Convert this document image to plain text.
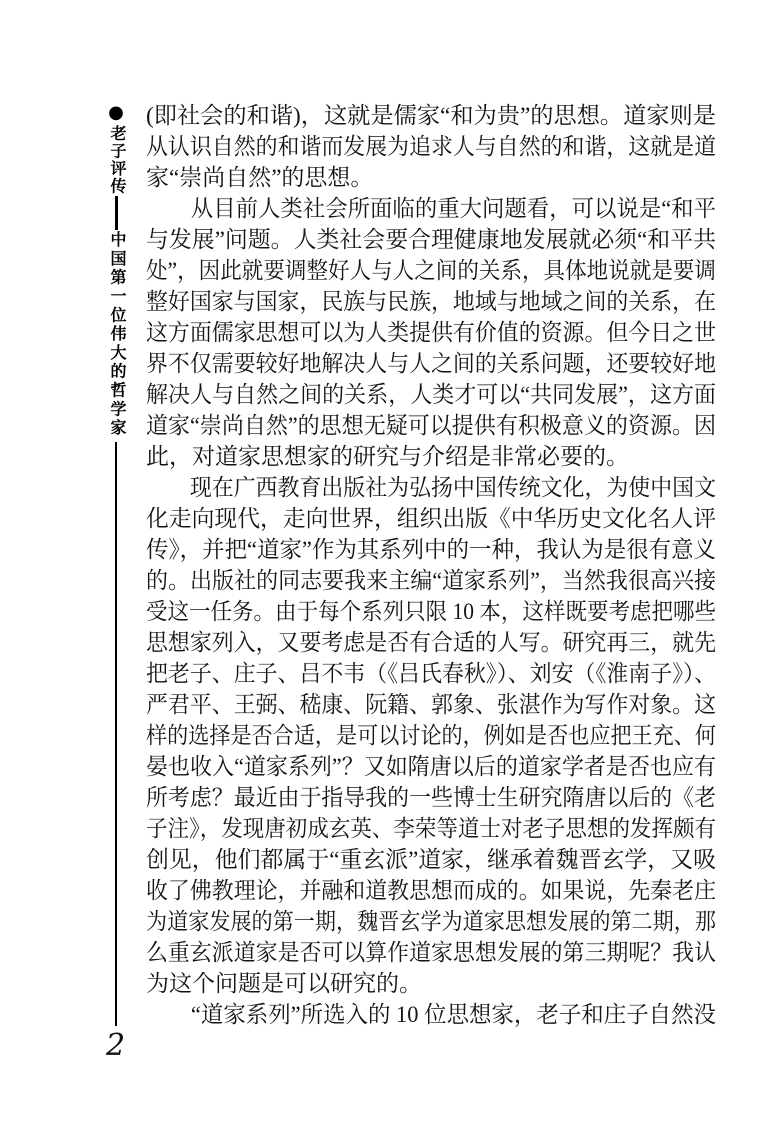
●
老子评传
中国第一位伟大的哲学家
(即社会的和谐)，这就是儒家“和为贵”的思想。道家则是
从认识自然的和谐而发展为追求人与自然的和谐，这就是道
家“崇尚自然”的思想。
　　从目前人类社会所面临的重大问题看，可以说是“和平
与发展”问题。人类社会要合理健康地发展就必须“和平共
处”，因此就要调整好人与人之间的关系，具体地说就是要调
整好国家与国家，民族与民族，地域与地域之间的关系，在
这方面儒家思想可以为人类提供有价值的资源。但今日之世
界不仅需要较好地解决人与人之间的关系问题，还要较好地
解决人与自然之间的关系，人类才可以“共同发展”，这方面
道家“崇尚自然”的思想无疑可以提供有积极意义的资源。因
此，对道家思想家的研究与介绍是非常必要的。
　　现在广西教育出版社为弘扬中国传统文化，为使中国文
化走向现代，走向世界，组织出版《中华历史文化名人评
传》，并把“道家”作为其系列中的一种，我认为是很有意义
的。出版社的同志要我来主编“道家系列”，当然我很高兴接
受这一任务。由于每个系列只限 10 本，这样既要考虑把哪些
思想家列入，又要考虑是否有合适的人写。研究再三，就先
把老子、庄子、吕不韦（《吕氏春秋》）、刘安（《淮南子》）、
严君平、王弼、嵇康、阮籍、郭象、张湛作为写作对象。这
样的选择是否合适，是可以讨论的，例如是否也应把王充、何
晏也收入“道家系列”？又如隋唐以后的道家学者是否也应有
所考虑？最近由于指导我的一些博士生研究隋唐以后的《老
子注》，发现唐初成玄英、李荣等道士对老子思想的发挥颇有
创见，他们都属于“重玄派”道家，继承着魏晋玄学，又吸
收了佛教理论，并融和道教思想而成的。如果说，先秦老庄
为道家发展的第一期，魏晋玄学为道家思想发展的第二期，那
么重玄派道家是否可以算作道家思想发展的第三期呢？我认
为这个问题是可以研究的。
　　“道家系列”所选入的 10 位思想家，老子和庄子自然没
2
